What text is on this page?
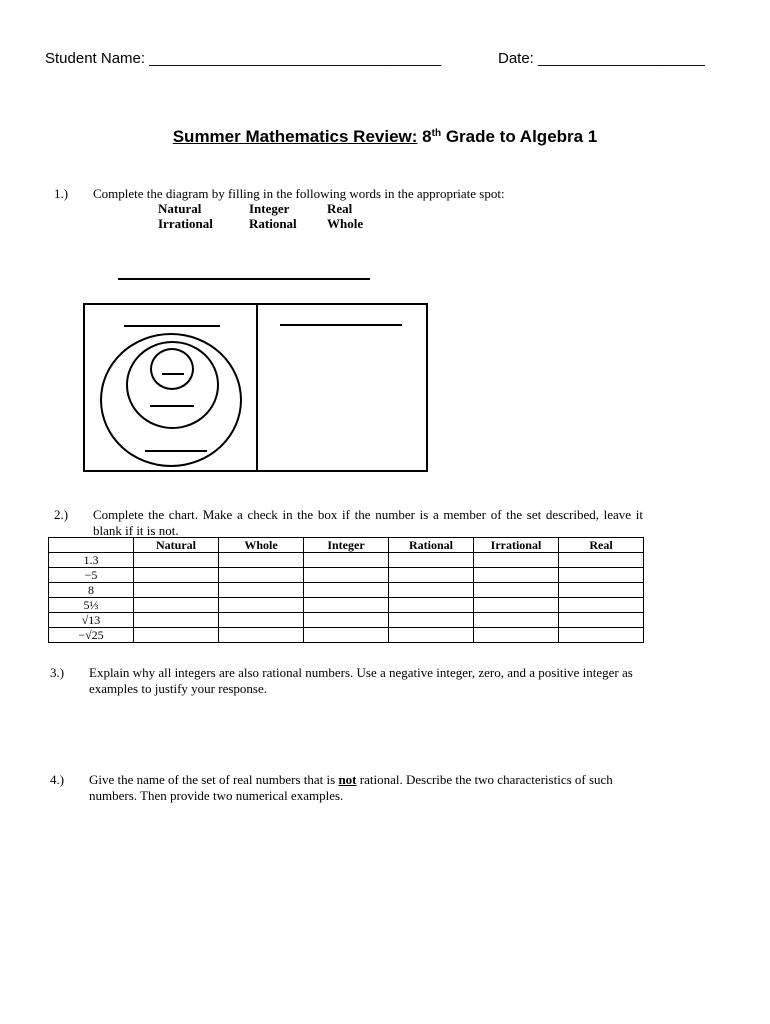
Student Name: ___________________________________	Date: ____________________
Summer Mathematics Review: 8th Grade to Algebra 1
1.) Complete the diagram by filling in the following words in the appropriate spot:
Natural	Integer	Real
Irrational	Rational Whole
2.) Complete the chart. Make a check in the box if the number is a member of the set described, leave it blank if it is not.
	Natural	Whole	Integer	Rational	Irrational	Real
1.3						
−5						
8						
5⅓						
√13						
−√25						
3.) Explain why all integers are also rational numbers. Use a negative integer, zero, and a positive integer as examples to justify your response.
4.) Give the name of the set of real numbers that is not rational. Describe the two characteristics of such numbers. Then provide two numerical examples.
